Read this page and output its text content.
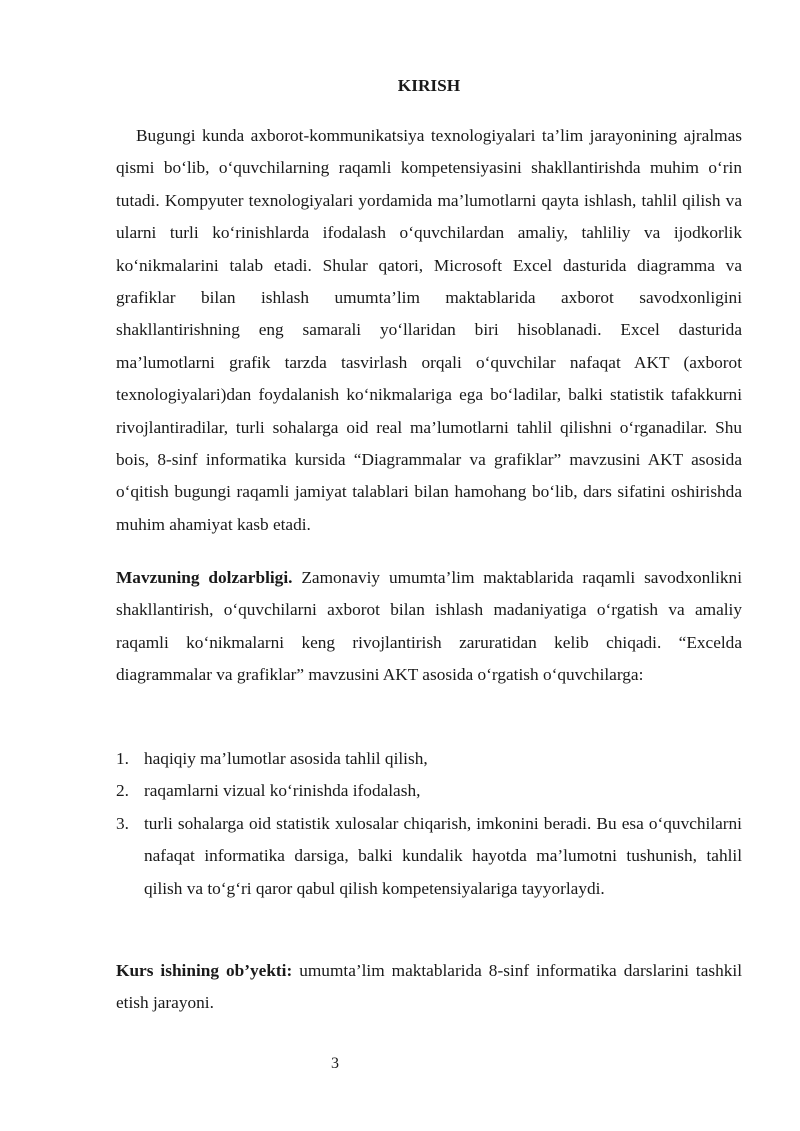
KIRISH

Bugungi kunda axborot-kommunikatsiya texnologiyalari ta’lim jarayonining ajralmas qismi bo‘lib, o‘quvchilarning raqamli kompetensiyasini shakllantirishda muhim o‘rin tutadi. Kompyuter texnologiyalari yordamida ma’lumotlarni qayta ishlash, tahlil qilish va ularni turli ko‘rinishlarda ifodalash o‘quvchilardan amaliy, tahliliy va ijodkorlik ko‘nikmalarini talab etadi. Shular qatori, Microsoft Excel dasturida diagramma va grafiklar bilan ishlash umumta’lim maktablarida axborot savodxonligini shakllantirishning eng samarali yo‘llaridan biri hisoblanadi. Excel dasturida ma’lumotlarni grafik tarzda tasvirlash orqali o‘quvchilar nafaqat AKT (axborot texnologiyalari)dan foydalanish ko‘nikmalariga ega bo‘ladilar, balki statistik tafakkurni rivojlantiradilar, turli sohalarga oid real ma’lumotlarni tahlil qilishni o‘rganadilar. Shu bois, 8-sinf informatika kursida “Diagrammalar va grafiklar” mavzusini AKT asosida o‘qitish bugungi raqamli jamiyat talablari bilan hamohang bo‘lib, dars sifatini oshirishda muhim ahamiyat kasb etadi.

Mavzuning dolzarbligi. Zamonaviy umumta’lim maktablarida raqamli savodxonlikni shakllantirish, o‘quvchilarni axborot bilan ishlash madaniyatiga o‘rgatish va amaliy raqamli ko‘nikmalarni keng rivojlantirish zaruratidan kelib chiqadi. “Excelda diagrammalar va grafiklar” mavzusini AKT asosida o‘rgatish o‘quvchilarga:

1. haqiqiy ma’lumotlar asosida tahlil qilish,
2. raqamlarni vizual ko‘rinishda ifodalash,
3. turli sohalarga oid statistik xulosalar chiqarish, imkonini beradi. Bu esa o‘quvchilarni nafaqat informatika darsiga, balki kundalik hayotda ma’lumotni tushunish, tahlil qilish va to‘g‘ri qaror qabul qilish kompetensiyalariga tayyorlaydi.

Kurs ishining ob’yekti: umumta’lim maktablarida 8-sinf informatika darslarini tashkil etish jarayoni.

3
